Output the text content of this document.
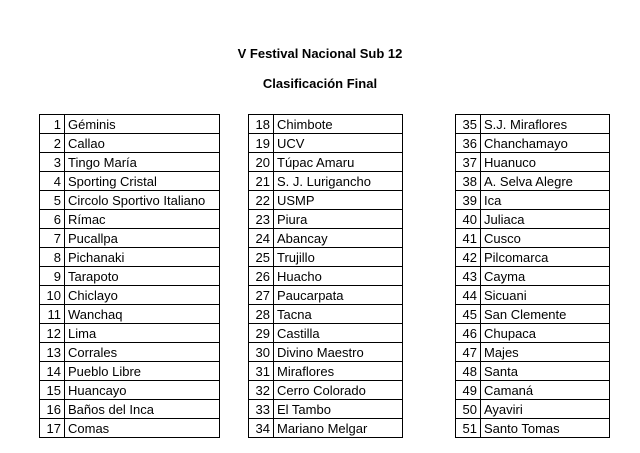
V Festival Nacional Sub 12
Clasificación Final
1	Géminis
2	Callao
3	Tingo María
4	Sporting Cristal
5	Circolo Sportivo Italiano
6	Rímac
7	Pucallpa
8	Pichanaki
9	Tarapoto
10	Chiclayo
11	Wanchaq
12	Lima
13	Corrales
14	Pueblo Libre
15	Huancayo
16	Baños del Inca
17	Comas
18	Chimbote
19	UCV
20	Túpac Amaru
21	S. J. Lurigancho
22	USMP
23	Piura
24	Abancay
25	Trujillo
26	Huacho
27	Paucarpata
28	Tacna
29	Castilla
30	Divino Maestro
31	Miraflores
32	Cerro Colorado
33	El Tambo
34	Mariano Melgar
35	S.J. Miraflores
36	Chanchamayo
37	Huanuco
38	A. Selva Alegre
39	Ica
40	Juliaca
41	Cusco
42	Pilcomarca
43	Cayma
44	Sicuani
45	San Clemente
46	Chupaca
47	Majes
48	Santa
49	Camaná
50	Ayaviri
51	Santo Tomas
